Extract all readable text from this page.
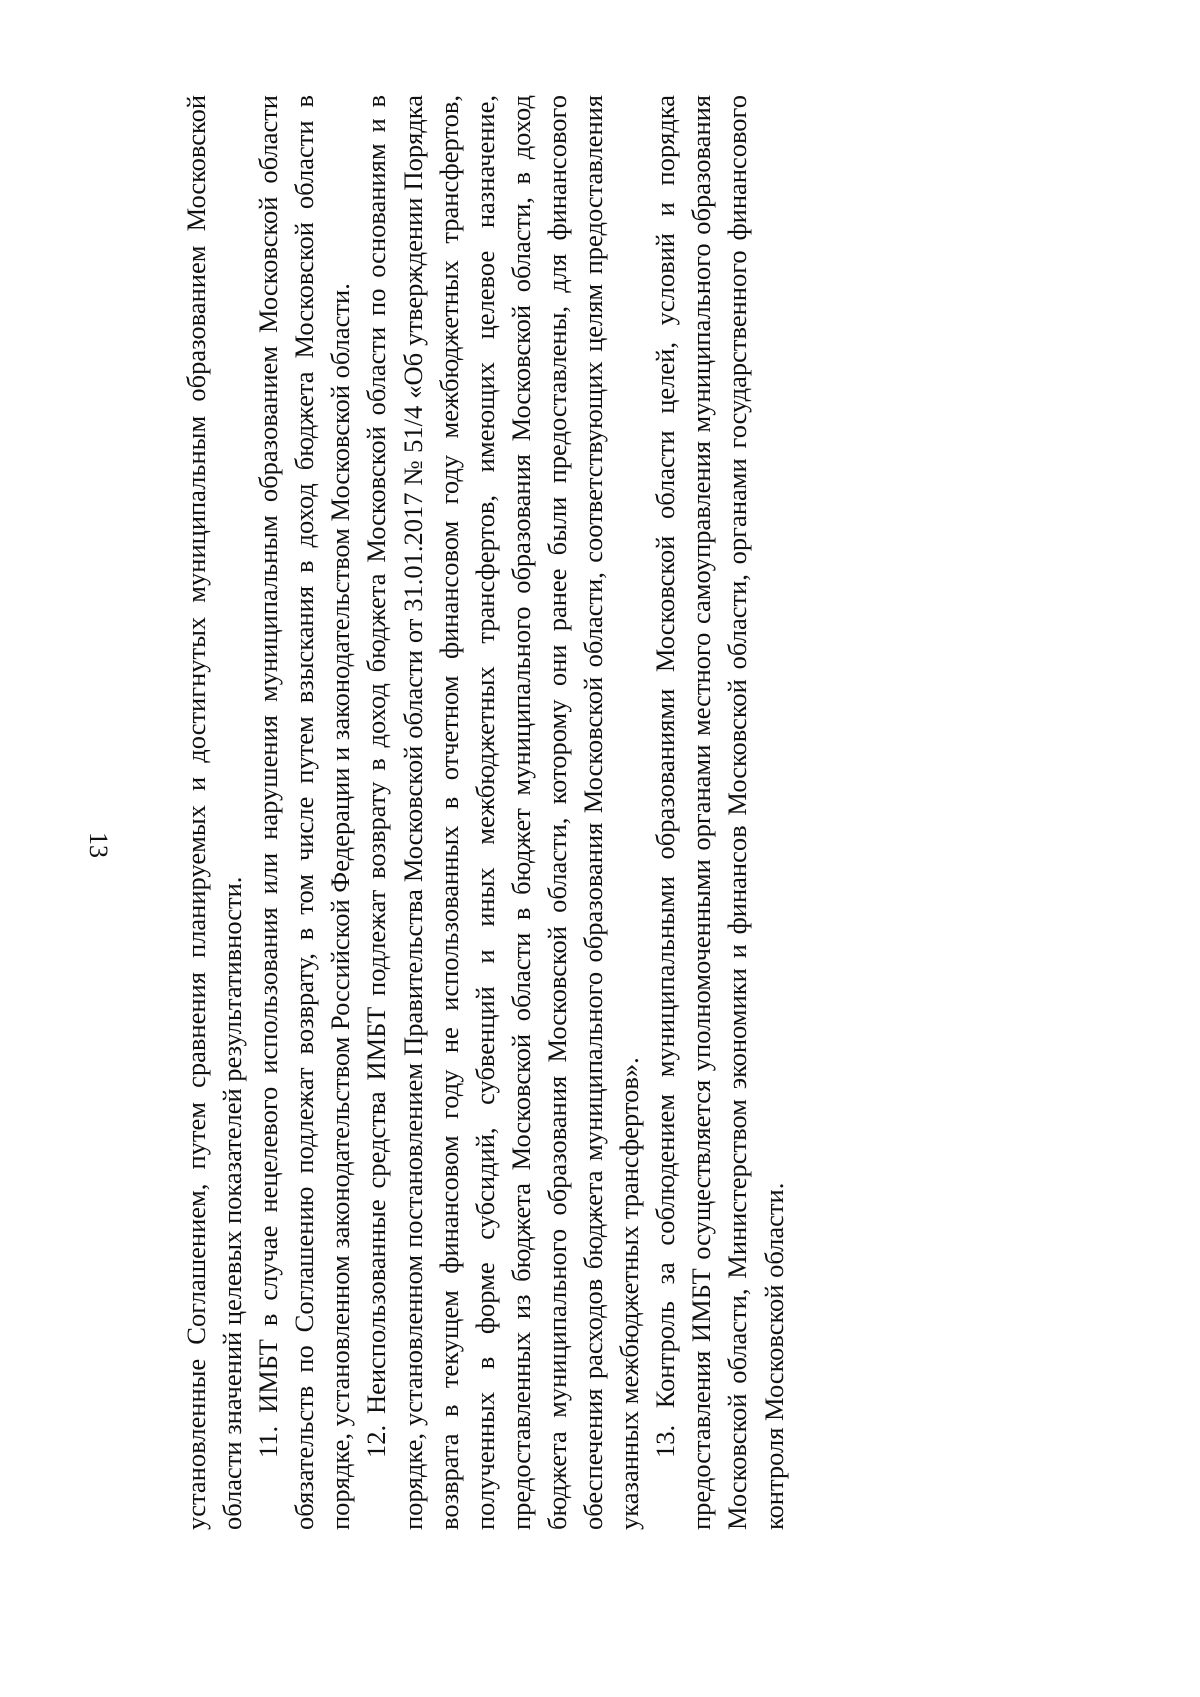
13	установленные Соглашением, путем сравнения планируемых и достигнутых муниципальным образованием Московской области значений целевых показателей результативности. 11. ИМБТ в случае нецелевого использования или нарушения муниципальным образованием Московской области обязательств по Соглашению подлежат возврату, в том числе путем взыскания в доход бюджета Московской области в порядке, установленном законодательством Российской Федерации и законодательством Московской области. 12. Неиспользованные средства ИМБТ подлежат возврату в доход бюджета Московской области по основаниям и в порядке, установленном постановлением Правительства Московской области от 31.01.2017 № 51/4 «Об утверждении Порядка возврата в текущем финансовом году не использованных в отчетном финансовом году межбюджетных трансфертов, полученных в форме субсидий, субвенций и иных межбюджетных трансфертов, имеющих целевое назначение, предоставленных из бюджета Московской области в бюджет муниципального образования Московской области, в доход бюджета муниципального образования Московской области, которому они ранее были предоставлены, для финансового обеспечения расходов бюджета муниципального образования Московской области, соответствующих целям предоставления указанных межбюджетных трансфертов». 13. Контроль за соблюдением муниципальными образованиями Московской области целей, условий и порядка предоставления ИМБТ осуществляется уполномоченными органами местного самоуправления муниципального образования Московской области, Министерством экономики и финансов Московской области, органами государственного финансового контроля Московской области.
